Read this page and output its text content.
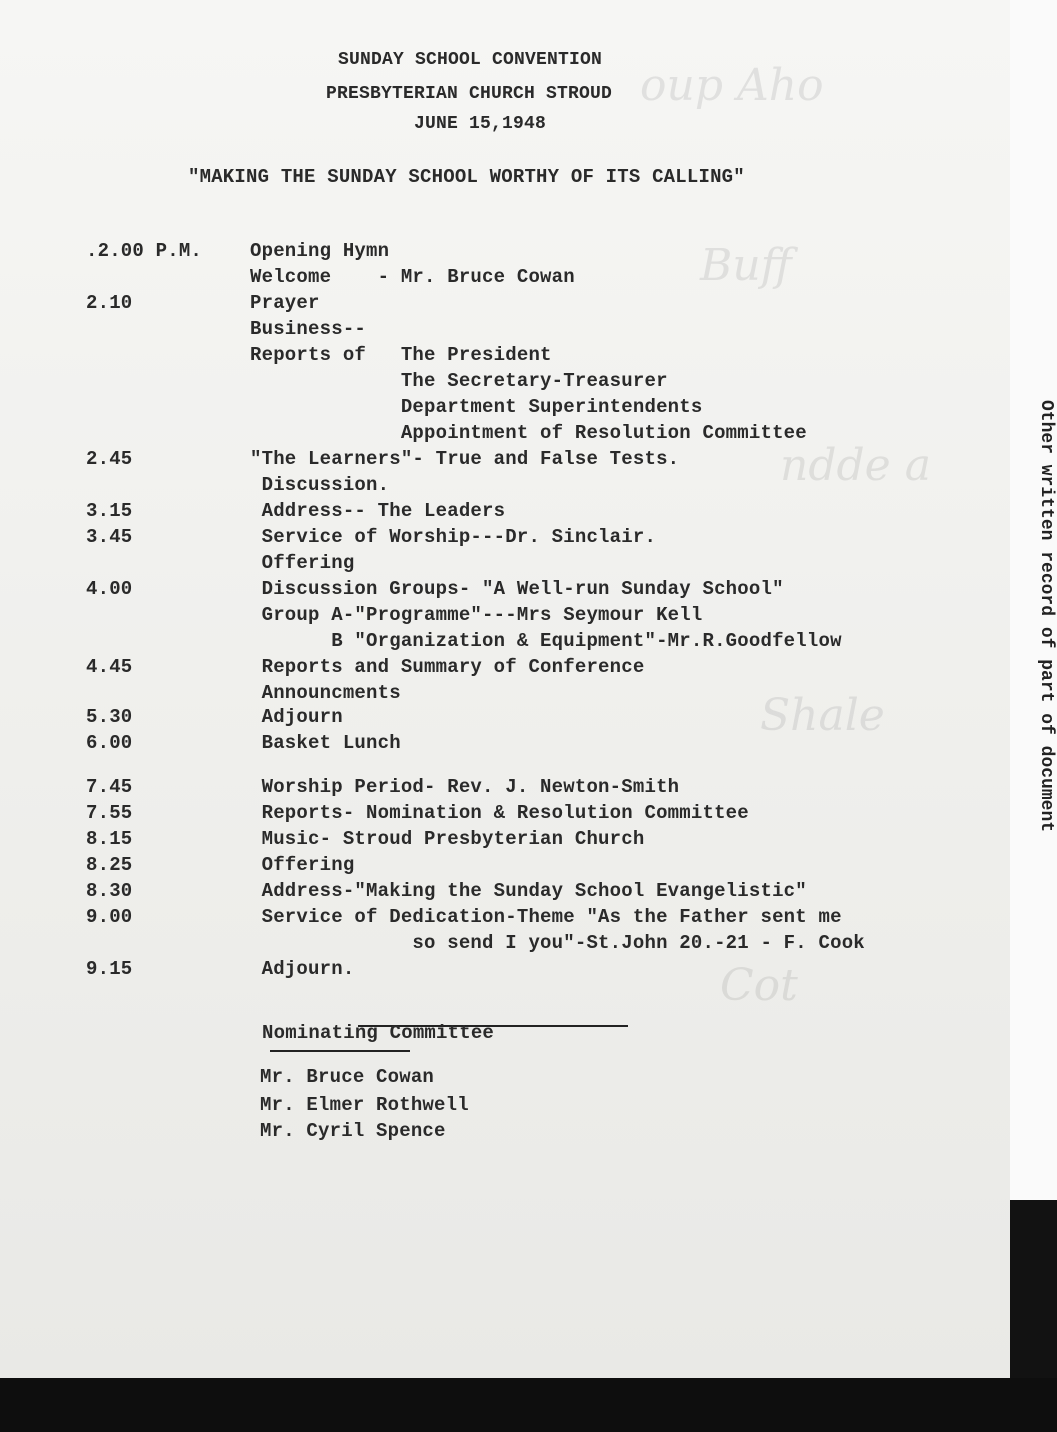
oup Aho
Buff
ndde a
Shale
Cot
SUNDAY SCHOOL CONVENTION
PRESBYTERIAN CHURCH STROUD
JUNE 15,1948
"MAKING THE SUNDAY SCHOOL WORTHY OF ITS CALLING"
.2.00 P.M.	Opening Hymn
Welcome    - Mr. Bruce Cowan
2.10	Prayer
Business--
Reports of   The President
The Secretary-Treasurer
Department Superintendents
Appointment of Resolution Committee
2.45	"The Learners"- True and False Tests.
Discussion.
3.15	Address-- The Leaders
3.45	Service of Worship---Dr. Sinclair.
Offering
4.00	Discussion Groups- "A Well-run Sunday School"
Group A-"Programme"---Mrs Seymour Kell
B "Organization & Equipment"-Mr.R.Goodfellow
4.45	Reports and Summary of Conference
Announcments
5.30	Adjourn
6.00	Basket Lunch
7.45	Worship Period- Rev. J. Newton-Smith
7.55	Reports- Nomination & Resolution Committee
8.15	Music- Stroud Presbyterian Church
8.25	Offering
8.30	Address-"Making the Sunday School Evangelistic"
9.00	Service of Dedication-Theme "As the Father sent me
so send I you"-St.John 20.-21 - F. Cook
9.15	Adjourn.
Nominating Committee
Mr. Bruce Cowan
Mr. Elmer Rothwell
Mr. Cyril Spence
Other written record of part of document
